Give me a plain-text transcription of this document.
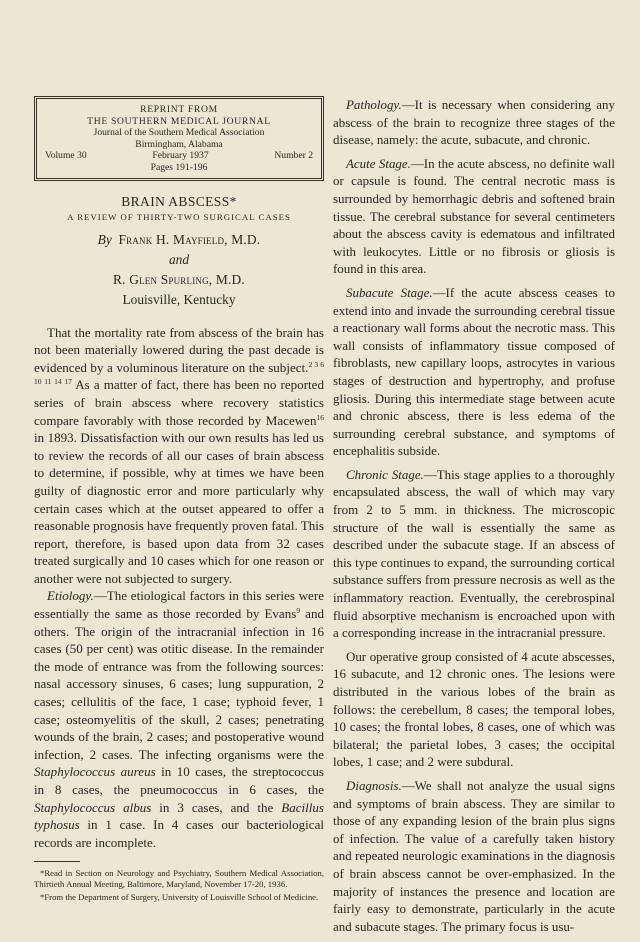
REPRINT FROM
THE SOUTHERN MEDICAL JOURNAL
Journal of the Southern Medical Association
Birmingham, Alabama
Volume 30	February 1937	Number 2
Pages 191-196
BRAIN ABSCESS*
A REVIEW OF THIRTY-TWO SURGICAL CASES
By Frank H. Mayfield, M.D.
and
R. Glen Spurling, M.D.
Louisville, Kentucky

That the mortality rate from abscess of the brain has not been materially lowered during the past decade is evidenced by a voluminous literature on the subject.$^{2 3 6 10 11 14 17}$ As a matter of fact, there has been no reported series of brain abscess where recovery statistics compare favorably with those recorded by Macewen$^{16}$ in 1893. Dissatisfaction with our own results has led us to review the records of all our cases of brain abscess to determine, if possible, why at times we have been guilty of diagnostic error and more particularly why certain cases which at the outset appeared to offer a reasonable prognosis have frequently proven fatal. This report, therefore, is based upon data from 32 cases treated surgically and 10 cases which for one reason or another were not subjected to surgery.

Etiology.—The etiological factors in this series were essentially the same as those recorded by Evans$^9$ and others. The origin of the intracranial infection in 16 cases (50 per cent) was otitic disease. In the remainder the mode of entrance was from the following sources: nasal accessory sinuses, 6 cases; lung suppuration, 2 cases; cellulitis of the face, 1 case; typhoid fever, 1 case; osteomyelitis of the skull, 2 cases; penetrating wounds of the brain, 2 cases; and postoperative wound infection, 2 cases. The infecting organisms were the Staphylococcus aureus in 10 cases, the streptococcus in 8 cases, the pneumococcus in 6 cases, the Staphylococcus albus in 3 cases, and the Bacillus typhosus in 1 case. In 4 cases our bacteriological records are incomplete.

*Read in Section on Neurology and Psychiatry, Southern Medical Association, Thirtieth Annual Meeting, Baltimore, Maryland, November 17-20, 1936.
*From the Department of Surgery, University of Louisville School of Medicine.

Pathology.—It is necessary when considering any abscess of the brain to recognize three stages of the disease, namely: the acute, subacute, and chronic.

Acute Stage.—In the acute abscess, no definite wall or capsule is found. The central necrotic mass is surrounded by hemorrhagic debris and softened brain tissue. The cerebral substance for several centimeters about the abscess cavity is edematous and infiltrated with leukocytes. Little or no fibrosis or gliosis is found in this area.

Subacute Stage.—If the acute abscess ceases to extend into and invade the surrounding cerebral tissue a reactionary wall forms about the necrotic mass. This wall consists of inflammatory tissue composed of fibroblasts, new capillary loops, astrocytes in various stages of destruction and hypertrophy, and profuse gliosis. During this intermediate stage between acute and chronic abscess, there is less edema of the surrounding cerebral substance, and symptoms of encephalitis subside.

Chronic Stage.—This stage applies to a thoroughly encapsulated abscess, the wall of which may vary from 2 to 5 mm. in thickness. The microscopic structure of the wall is essentially the same as described under the subacute stage. If an abscess of this type continues to expand, the surrounding cortical substance suffers from pressure necrosis as well as the inflammatory reaction. Eventually, the cerebrospinal fluid absorptive mechanism is encroached upon with a corresponding increase in the intracranial pressure.

Our operative group consisted of 4 acute abscesses, 16 subacute, and 12 chronic ones. The lesions were distributed in the various lobes of the brain as follows: the cerebellum, 8 cases; the temporal lobes, 10 cases; the frontal lobes, 8 cases, one of which was bilateral; the parietal lobes, 3 cases; the occipital lobes, 1 case; and 2 were subdural.

Diagnosis.—We shall not analyze the usual signs and symptoms of brain abscess. They are similar to those of any expanding lesion of the brain plus signs of infection. The value of a carefully taken history and repeated neurologic examinations in the diagnosis of brain abscess cannot be over-emphasized. In the majority of instances the presence and location are fairly easy to demonstrate, particularly in the acute and subacute stages. The primary focus is usu-
